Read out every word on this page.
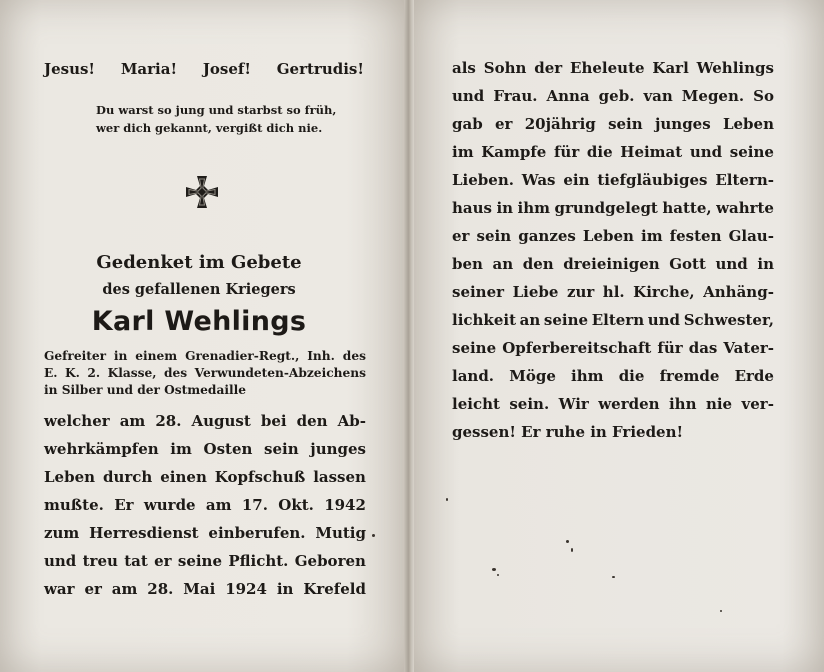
Jesus! Maria! Josef! Gertrudis!
Du warst so jung und starbst so früh,
wer dich gekannt, vergißt dich nie.
Gedenket im Gebete
des gefallenen Kriegers
Karl Wehlings
Gefreiter in einem Grenadier-Regt., Inh. des
E. K. 2. Klasse, des Verwundeten-Abzeichens
in Silber und der Ostmedaille
welcher am 28. August bei den Ab-
wehrkämpfen im Osten sein junges
Leben durch einen Kopfschuß lassen
mußte. Er wurde am 17. Okt. 1942
zum Herresdienst einberufen. Mutig
und treu tat er seine Pflicht. Geboren
war er am 28. Mai 1924 in Krefeld
als Sohn der Eheleute Karl Wehlings
und Frau. Anna geb. van Megen. So
gab er 20jährig sein junges Leben
im Kampfe für die Heimat und seine
Lieben. Was ein tiefgläubiges Eltern-
haus in ihm grundgelegt hatte, wahrte
er sein ganzes Leben im festen Glau-
ben an den dreieinigen Gott und in
seiner Liebe zur hl. Kirche, Anhäng-
lichkeit an seine Eltern und Schwester,
seine Opferbereitschaft für das Vater-
land. Möge ihm die fremde Erde
leicht sein. Wir werden ihn nie ver-
gessen! Er ruhe in Frieden!
